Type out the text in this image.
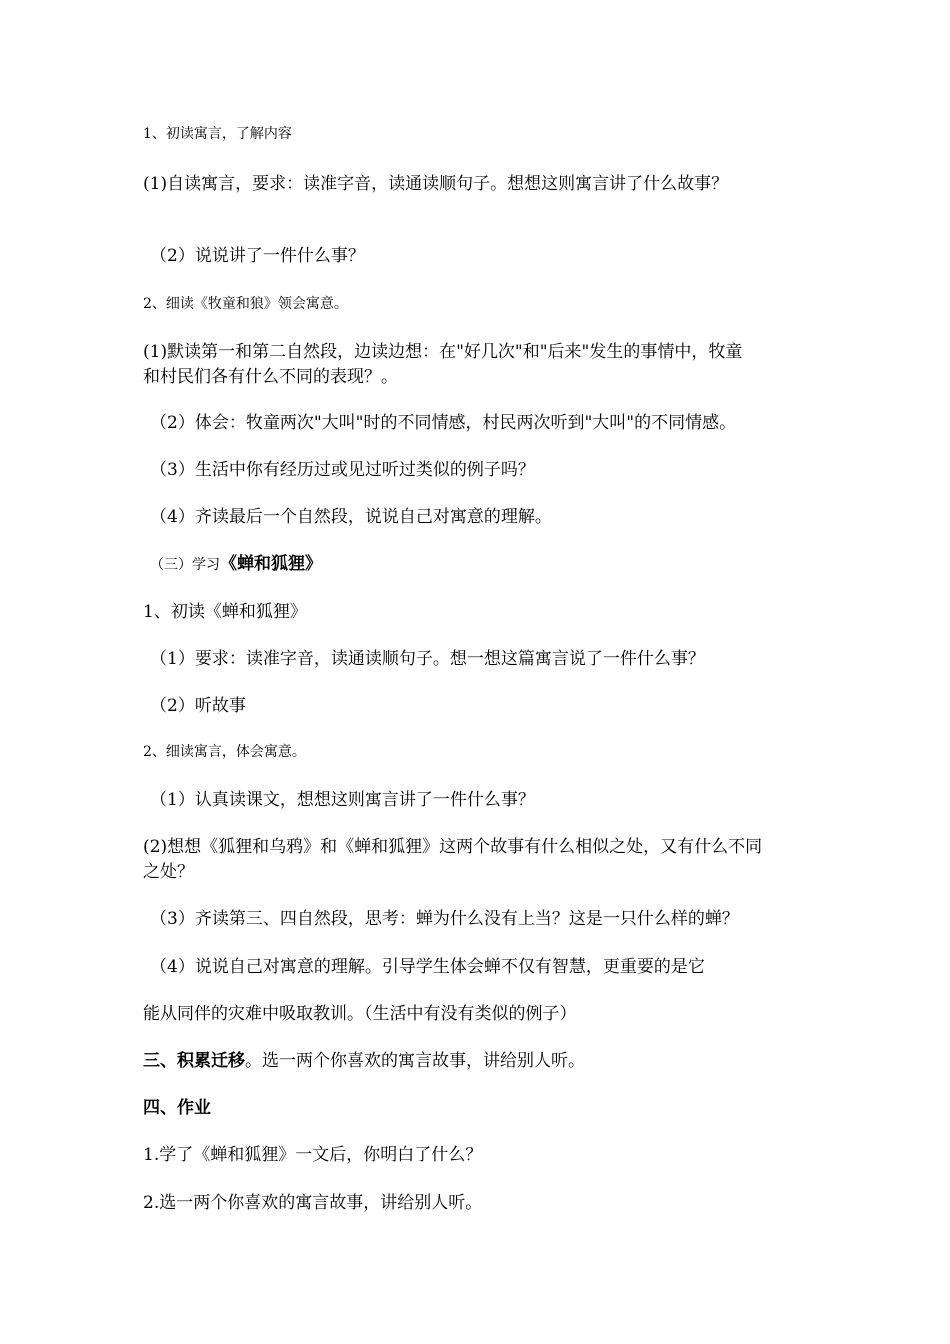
1、初读寓言，了解内容
(1)自读寓言，要求：读准字音，读通读顺句子。想想这则寓言讲了什么故事？
（2）说说讲了一件什么事？
2、细读《牧童和狼》领会寓意。
(1)默读第一和第二自然段，边读边想：在"好几次"和"后来"发生的事情中，牧童
和村民们各有什么不同的表现？。
（2）体会：牧童两次"大叫"时的不同情感，村民两次听到"大叫"的不同情感。
（3）生活中你有经历过或见过听过类似的例子吗？
（4）齐读最后一个自然段，说说自己对寓意的理解。
（三）学习《蝉和狐狸》
1、初读《蝉和狐狸》
（1）要求：读准字音，读通读顺句子。想一想这篇寓言说了一件什么事？
（2）听故事
2、细读寓言，体会寓意。
（1）认真读课文，想想这则寓言讲了一件什么事？
(2)想想《狐狸和乌鸦》和《蝉和狐狸》这两个故事有什么相似之处，又有什么不同
之处？
（3）齐读第三、四自然段，思考：蝉为什么没有上当？这是一只什么样的蝉？
（4）说说自己对寓意的理解。引导学生体会蝉不仅有智慧，更重要的是它
能从同伴的灾难中吸取教训。（生活中有没有类似的例子）
三、积累迁移。选一两个你喜欢的寓言故事，讲给别人听。
四、作业
1.学了《蝉和狐狸》一文后，你明白了什么？
2.选一两个你喜欢的寓言故事，讲给别人听。
